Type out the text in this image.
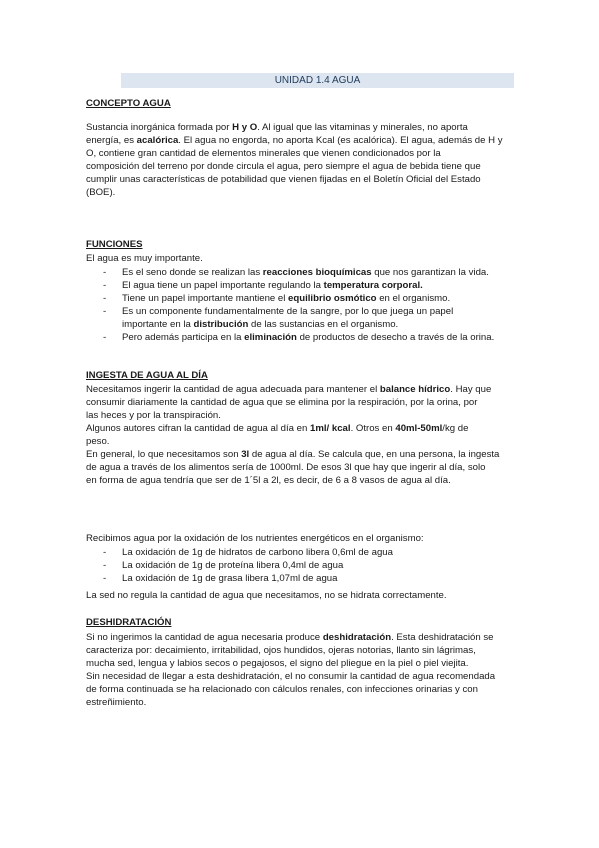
UNIDAD 1.4 AGUA
CONCEPTO AGUA
Sustancia inorgánica formada por H y O. Al igual que las vitaminas y minerales, no aporta
energía, es acalórica. El agua no engorda, no aporta Kcal (es acalórica). El agua, además de H y
O, contiene gran cantidad de elementos minerales que vienen condicionados por la
composición del terreno por donde circula el agua, pero siempre el agua de bebida tiene que
cumplir unas características de potabilidad que vienen fijadas en el Boletín Oficial del Estado
(BOE).
FUNCIONES
El agua es muy importante.
- Es el seno donde se realizan las reacciones bioquímicas que nos garantizan la vida.
- El agua tiene un papel importante regulando la temperatura corporal.
- Tiene un papel importante mantiene el equilibrio osmótico en el organismo.
- Es un componente fundamentalmente de la sangre, por lo que juega un papel
importante en la distribución de las sustancias en el organismo.
- Pero además participa en la eliminación de productos de desecho a través de la orina.
INGESTA DE AGUA AL DÍA
Necesitamos ingerir la cantidad de agua adecuada para mantener el balance hídrico. Hay que
consumir diariamente la cantidad de agua que se elimina por la respiración, por la orina, por
las heces y por la transpiración.
Algunos autores cifran la cantidad de agua al día en 1ml/ kcal. Otros en 40ml-50ml/kg de
peso.
En general, lo que necesitamos son 3l de agua al día. Se calcula que, en una persona, la ingesta
de agua a través de los alimentos sería de 1000ml. De esos 3l que hay que ingerir al día, solo
en forma de agua tendría que ser de 1´5l a 2l, es decir, de 6 a 8 vasos de agua al día.
Recibimos agua por la oxidación de los nutrientes energéticos en el organismo:
- La oxidación de 1g de hidratos de carbono libera 0,6ml de agua
- La oxidación de 1g de proteína libera 0,4ml de agua
- La oxidación de 1g de grasa libera 1,07ml de agua
La sed no regula la cantidad de agua que necesitamos, no se hidrata correctamente.
DESHIDRATACIÓN
Si no ingerimos la cantidad de agua necesaria produce deshidratación. Esta deshidratación se
caracteriza por: decaimiento, irritabilidad, ojos hundidos, ojeras notorias, llanto sin lágrimas,
mucha sed, lengua y labios secos o pegajosos, el signo del pliegue en la piel o piel viejita.
Sin necesidad de llegar a esta deshidratación, el no consumir la cantidad de agua recomendada
de forma continuada se ha relacionado con cálculos renales, con infecciones orinarias y con
estreñimiento.
